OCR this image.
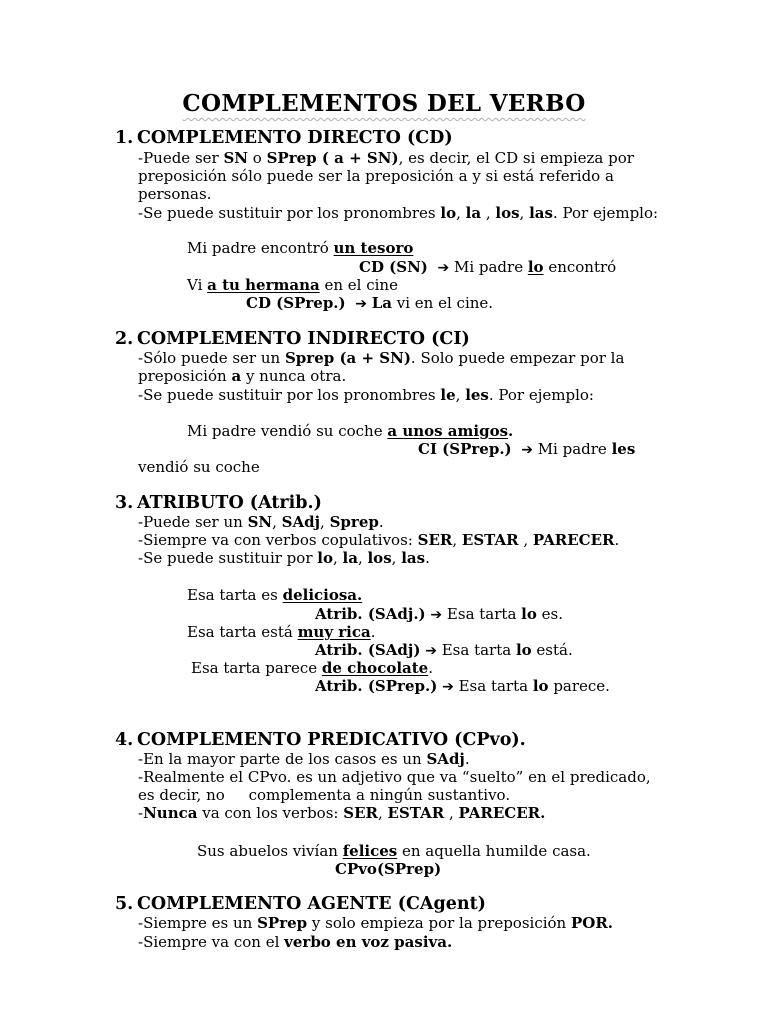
COMPLEMENTOS DEL VERBO
1. COMPLEMENTO DIRECTO (CD)
-Puede ser SN o SPrep ( a + SN), es decir, el CD si empieza por
preposición sólo puede ser la preposición a y si está referido a
personas.
-Se puede sustituir por los pronombres lo, la , los, las. Por ejemplo:
Mi padre encontró un tesoro
CD (SN) ➔ Mi padre lo encontró
Vi a tu hermana en el cine
CD (SPrep.) ➔ La vi en el cine.
2. COMPLEMENTO INDIRECTO (CI)
-Sólo puede ser un Sprep (a + SN). Solo puede empezar por la
preposición a y nunca otra.
-Se puede sustituir por los pronombres le, les. Por ejemplo:
Mi padre vendió su coche a unos amigos.
CI (SPrep.) ➔ Mi padre les
vendió su coche
3. ATRIBUTO (Atrib.)
-Puede ser un SN, SAdj, Sprep.
-Siempre va con verbos copulativos: SER, ESTAR , PARECER.
-Se puede sustituir por lo, la, los, las.
Esa tarta es deliciosa.
Atrib. (SAdj.) ➔ Esa tarta lo es.
Esa tarta está muy rica.
Atrib. (SAdj) ➔ Esa tarta lo está.
Esa tarta parece de chocolate.
Atrib. (SPrep.) ➔ Esa tarta lo parece.
4. COMPLEMENTO PREDICATIVO (CPvo).
-En la mayor parte de los casos es un SAdj.
-Realmente el CPvo. es un adjetivo que va “suelto” en el predicado,
es decir, no     complementa a ningún sustantivo.
-Nunca va con los verbos: SER, ESTAR , PARECER.
Sus abuelos vivían felices en aquella humilde casa.
CPvo(SPrep)
5. COMPLEMENTO AGENTE (CAgent)
-Siempre es un SPrep y solo empieza por la preposición POR.
-Siempre va con el verbo en voz pasiva.
